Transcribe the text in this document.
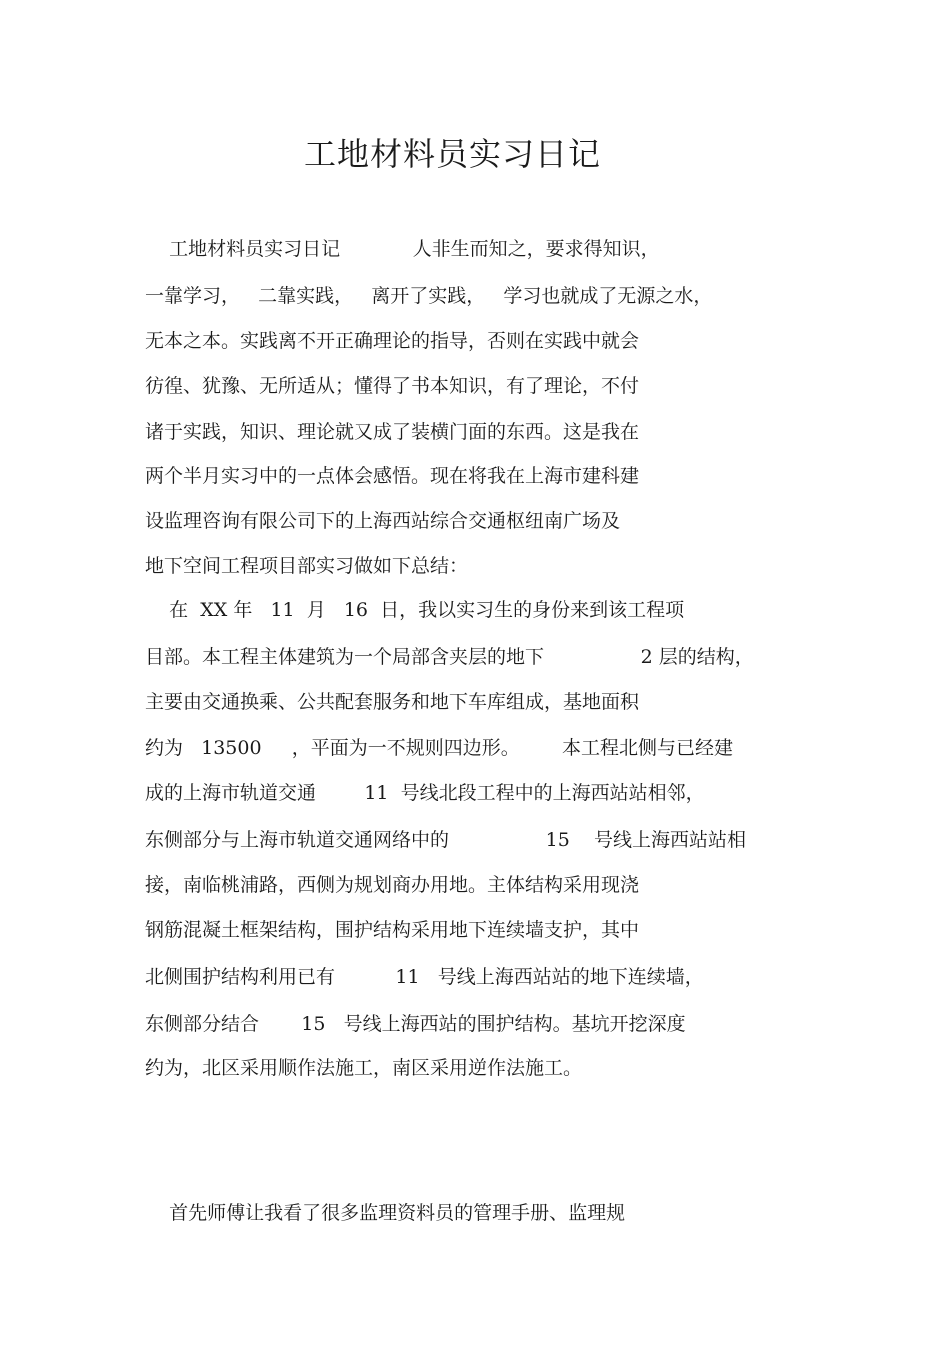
工地材料员实习日记

工地材料员实习日记            人非生而知之，要求得知识，

一靠学习，   二靠实践，   离开了实践，   学习也就成了无源之水，

无本之本。实践离不开正确理论的指导，否则在实践中就会

彷徨、犹豫、无所适从；懂得了书本知识，有了理论，不付

诸于实践，知识、理论就又成了装横门面的东西。这是我在

两个半月实习中的一点体会感悟。现在将我在上海市建科建

设监理咨询有限公司下的上海西站综合交通枢纽南广场及

地下空间工程项目部实习做如下总结：

在  XX 年   11  月   16  日，我以实习生的身份来到该工程项

目部。本工程主体建筑为一个局部含夹层的地下                2 层的结构，

主要由交通换乘、公共配套服务和地下车库组成，基地面积

约为   13500     ，平面为一不规则四边形。       本工程北侧与已经建

成的上海市轨道交通        11  号线北段工程中的上海西站站相邻，

东侧部分与上海市轨道交通网络中的                15    号线上海西站站相

接，南临桃浦路，西侧为规划商办用地。主体结构采用现浇

钢筋混凝土框架结构，围护结构采用地下连续墙支护，其中

北侧围护结构利用已有          11   号线上海西站站的地下连续墙，

东侧部分结合       15   号线上海西站的围护结构。基坑开挖深度

约为，北区采用顺作法施工，南区采用逆作法施工。

首先师傅让我看了很多监理资料员的管理手册、监理规
